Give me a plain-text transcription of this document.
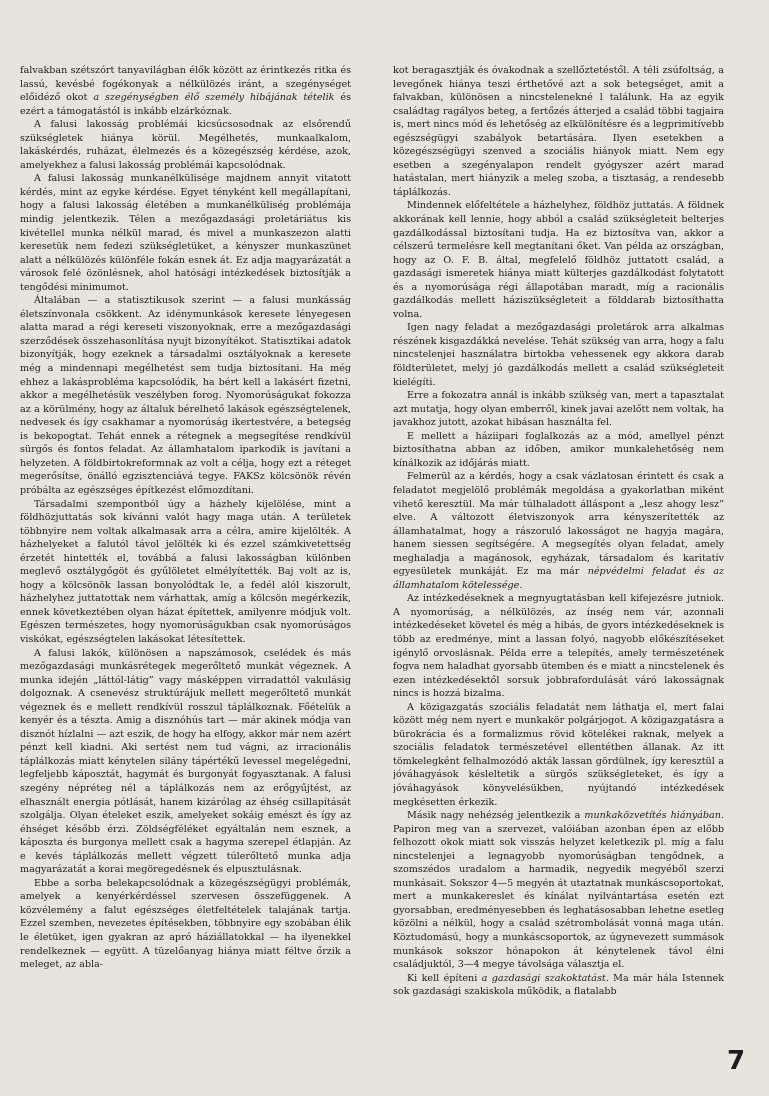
falvakban szétszórt tanyavilágban élők között az érintkezés ritka és lassú, kevésbé fogékonyak a nélkülözés iránt, a szegénységet előidéző okot a szegénységben élő személy hibájának tételik és ezért a támogatástól is inkább elzárkóznak.

A falusi lakosság problémái kicsúcsosodnak az elsőrendű szükségletek hiánya körül. Megélhetés, munkaalkalom, lakáskérdés, ruházat, élelmezés és a közegészség kérdése, azok, amelyekhez a falusi lakosság problémái kapcsolódnak.

A falusi lakosság munkanélkülisége majdnem annyit vitatott kérdés, mint az egyke kérdése. Egyet tényként kell megállapítani, hogy a falusi lakosság életében a munkanélküliség problémája mindig jelentkezik. Télen a mezőgazdasági proletáriátus kis kivétellel munka nélkül marad, és mivel a munkaszezon alatti keresetük nem fedezi szükségletüket, a kényszer munkaszünet alatt a nélkülözés különféle fokán esnek át. Ez adja magyarázatát a városok felé özönlésnek, ahol hatósági intézkedések biztosítják a tengődési minimumot.

Általában — a statisztikusok szerint — a falusi munkásság életszínvonala csökkent. Az idénymunkások keresete lényegesen alatta marad a régi kereseti viszonyoknak, erre a mezőgazdasági szerződések összehasonlítása nyujt bizonyítékot. Statisztikai adatok bizonyítják, hogy ezeknek a társadalmi osztályoknak a keresete még a mindennapi megélhetést sem tudja biztosítani. Ha még ehhez a lakásprobléma kapcsolódik, ha bért kell a lakásért fizetni, akkor a megélhetésük veszélyben forog. Nyomorúságukat fokozza az a körülmény, hogy az általuk bérelhető lakások egészségtelenek, nedvesek és így csakhamar a nyomorúság ikertestvére, a betegség is bekopogtat. Tehát ennek a rétegnek a megsegítése rendkívül sürgős és fontos feladat. Az államhatalom iparkodik is javítani a helyzeten. A földbirtokreformnak az volt a célja, hogy ezt a réteget megerősítse, önálló egzisztenciává tegye. FAKSz kölcsönök révén próbálta az egészséges építkezést előmozdítani.

Társadalmi szempontból úgy a házhely kijelölése, mint a földhözjuttatás sok kívánni valót hagy maga után. A területek többnyire nem voltak alkalmasak arra a célra, amire kijelölték. A házhelyeket a falutól távol jelölték ki és ezzel számkivetettség érzetét hintették el, továbbá a falusi lakosságban különben meglevő osztálygőgöt és gyűlöletet elmélyítették. Baj volt az is, hogy a kölcsönök lassan bonyolódtak le, a fedél alól kiszorult, házhelyhez juttatottak nem várhattak, amíg a kölcsön megérkezik, ennek következtében olyan házat építettek, amilyenre módjuk volt. Egészen természetes, hogy nyomorúságukban csak nyomorúságos viskókat, egészségtelen lakásokat létesítettek.

A falusi lakók, különösen a napszámosok, cselédek és más mezőgazdasági munkásrétegek megerőltető munkát végeznek. A munka idején „láttól-látig” vagy másképpen virradattól vakulásig dolgoznak. A csenevész struktúrájuk mellett megerőltető munkát végeznek és e mellett rendkívül rosszul táplálkoznak. Főételük a kenyér és a tészta. Amig a disznóhús tart — már akinek módja van disznót hízlalni — azt eszik, de hogy ha elfogy, akkor már nem azért pénzt kell kiadni. Aki sertést nem tud vágni, az irracionális táplálkozás miatt kénytelen silány tápértékű levessel megelégedni, legfeljebb káposztát, hagymát és burgonyát fogyasztanak. A falusi szegény népréteg nél a táplálkozás nem az erőgyűjtést, az elhasznált energia pótlását, hanem kizárólag az éhség csillapítását szolgálja. Olyan ételeket eszik, amelyeket sokáig emészt és így az éhséget később érzi. Zöldségféléket egyáltalán nem esznek, a káposzta és burgonya mellett csak a hagyma szerepel étlapján. Az e kevés táplálkozás mellett végzett túlerőltető munka adja magyarázatát a korai megöregedésnek és elpusztulásnak.

Ebbe a sorba belekapcsolódnak a közegészségügyi problémák, amelyek a kenyérkérdéssel szervesen összefüggenek. A közvélemény a falut egészséges életfeltételek talajának tartja. Ezzel szemben, nevezetes építésekben, többnyire egy szobában élik le életüket, igen gyakran az apró háziállatokkal — ha ilyenekkel rendelkeznek — együtt. A tüzelőanyag hiánya miatt féltve őrzik a meleget, az abla-

kot beragasztják és óvakodnak a szellőztetéstől. A téli zsúfoltság, a levegőnek hiánya teszi érthetővé azt a sok betegséget, amit a falvakban, különösen a nincstelenekné l találunk. Ha az egyik családtag ragályos beteg, a fertőzés átterjed a család többi tagjaira is, mert nincs mód és lehetőség az elkülönítésre és a legprimitívebb egészségügyi szabályok betartására. Ilyen esetekben a közegészségügyi szenved a szociális hiányok miatt. Nem egy esetben a szegényalapon rendelt gyógyszer azért marad hatástalan, mert hiányzik a meleg szoba, a tisztaság, a rendesebb táplálkozás.

Mindennek előfeltétele a házhelyhez, földhöz juttatás. A földnek akkorának kell lennie, hogy abból a család szükségleteit belterjes gazdálkodással biztosítani tudja. Ha ez biztosítva van, akkor a célszerű termelésre kell megtanítani őket. Van példa az országban, hogy az O. F. B. által, megfelelő földhöz juttatott család, a gazdasági ismeretek hiánya miatt külterjes gazdálkodást folytatott és a nyomorúsága régi állapotában maradt, míg a racionális gazdálkodás mellett háziszükségleteit a földdarab biztosíthatta volna.

Igen nagy feladat a mezőgazdasági proletárok arra alkalmas részének kisgazdákká nevelése. Tehát szükség van arra, hogy a falu nincstelenjei használatra birtokba vehessenek egy akkora darab földterületet, melyj jó gazdálkodás mellett a család szükségleteit kielégíti.

Erre a fokozatra annál is inkább szükség van, mert a tapasztalat azt mutatja, hogy olyan emberről, kinek javai azelőtt nem voltak, ha javakhoz jutott, azokat hibásan használta fel.

E mellett a háziipari foglalkozás az a mód, amellyel pénzt biztosíthatna abban az időben, amikor munkalehetőség nem kínálkozik az időjárás miatt.

Felmerül az a kérdés, hogy a csak vázlatosan érintett és csak a feladatot megjelölő problémák megoldása a gyakorlatban miként vihető keresztül. Ma már túlhaladott álláspont a „lesz ahogy lesz” elve. A változott életviszonyok arra kényszerítették az államhatalmat, hogy a rászoruló lakosságot ne hagyja magára, hanem siessen segítségére. A megsegítés olyan feladat, amely meghaladja a magánosok, egyházak, társadalom és karitatív egyesületek munkáját. Ez ma már népvédelmi feladat és az államhatalom kötelessége.

Az intézkedéseknek a megnyugtatásban kell kifejezésre jutniok. A nyomorúság, a nélkülözés, az ínség nem vár, azonnali intézkedéseket követel és még a hibás, de gyors intézkedéseknek is több az eredménye, mint a lassan folyó, nagyobb előkészítéseket igénylő orvoslásnak. Példa erre a telepítés, amely természetének fogva nem haladhat gyorsabb ütemben és e miatt a nincstelenek és ezen intézkedésektől sorsuk jobbrafordulását váró lakosságnak nincs is hozzá bizalma.

A közigazgatás szociális feladatát nem láthatja el, mert falai között még nem nyert e munkakör polgárjogot. A közigazgatásra a bürokrácia és a formalizmus rövid kötelékei raknak, melyek a szociális feladatok természetével ellentétben állanak. Az itt tömkelegként felhalmozódó akták lassan gördülnek, így keresztül a jóváhagyások késleltetik a sürgős szükségleteket, és így a jóváhagyások könyvelésükben, nyújtandó intézkedések megkésetten érkezik.

Másik nagy nehézség jelentkezik a munkaközvetítés hiányában. Papiron meg van a szervezet, valóiában azonban épen az előbb felhozott okok miatt sok visszás helyzet keletkezik pl. míg a falu nincstelenjei a legnagyobb nyomorúságban tengődnek, a szomszédos uradalom a harmadik, negyedik megyéből szerzi munkásait. Sokszor 4—5 megyén át utaztatnak munkáscsoportokat, mert a munkakereslet és kínálat nyilvántartása esetén ezt gyorsabban, eredményesebben és leghatásosabban lehetne esetleg közölni a nélkül, hogy a család szétrombolását vonná maga után. Köztudomású, hogy a munkáscsoportok, az úgynevezett summások munkások sokszor hónapokon át kénytelenek távol élni családjuktól, 3—4 megye távolsága választja el.

Ki kell építeni a gazdasági szakoktatást. Ma már hála Istennek sok gazdasági szakiskola működik, a flatalabb

7
